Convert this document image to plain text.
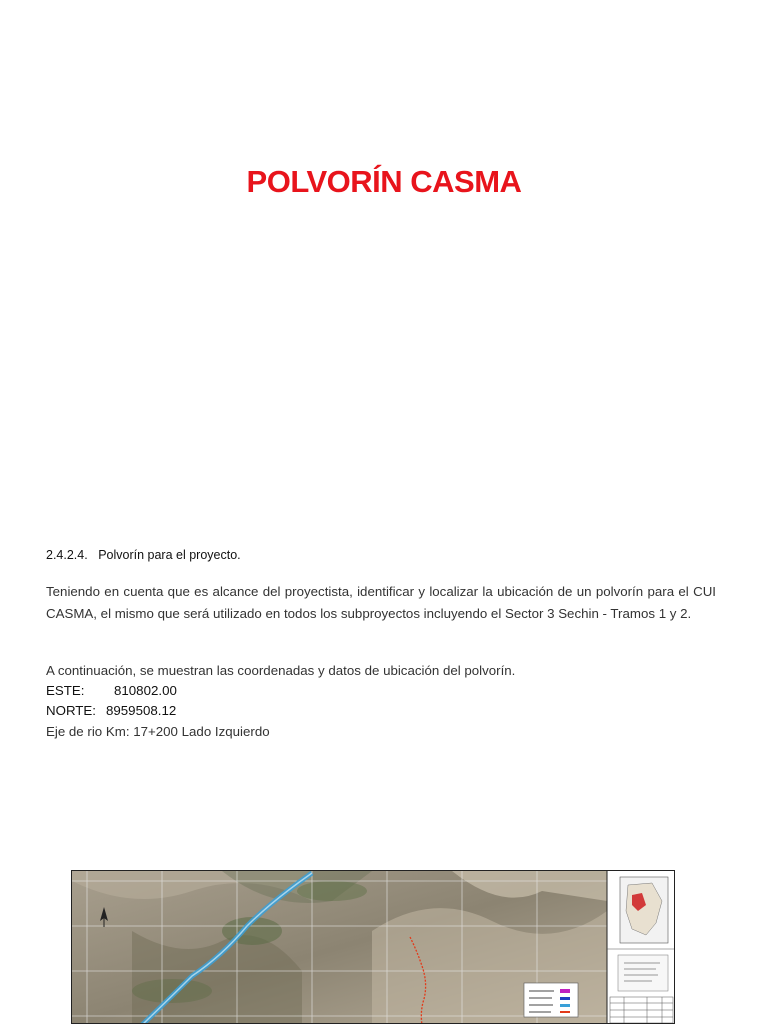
POLVORÍN CASMA
2.4.2.4. Polvorín para el proyecto.
Teniendo en cuenta que es alcance del proyectista, identificar y localizar la ubicación de un polvorín para el CUI CASMA, el mismo que será utilizado en todos los subproyectos incluyendo el Sector 3 Sechin - Tramos 1 y 2.
A continuación, se muestran las coordenadas y datos de ubicación del polvorín.
ESTE: 810802.00
NORTE: 8959508.12
Eje de rio Km: 17+200 Lado Izquierdo
